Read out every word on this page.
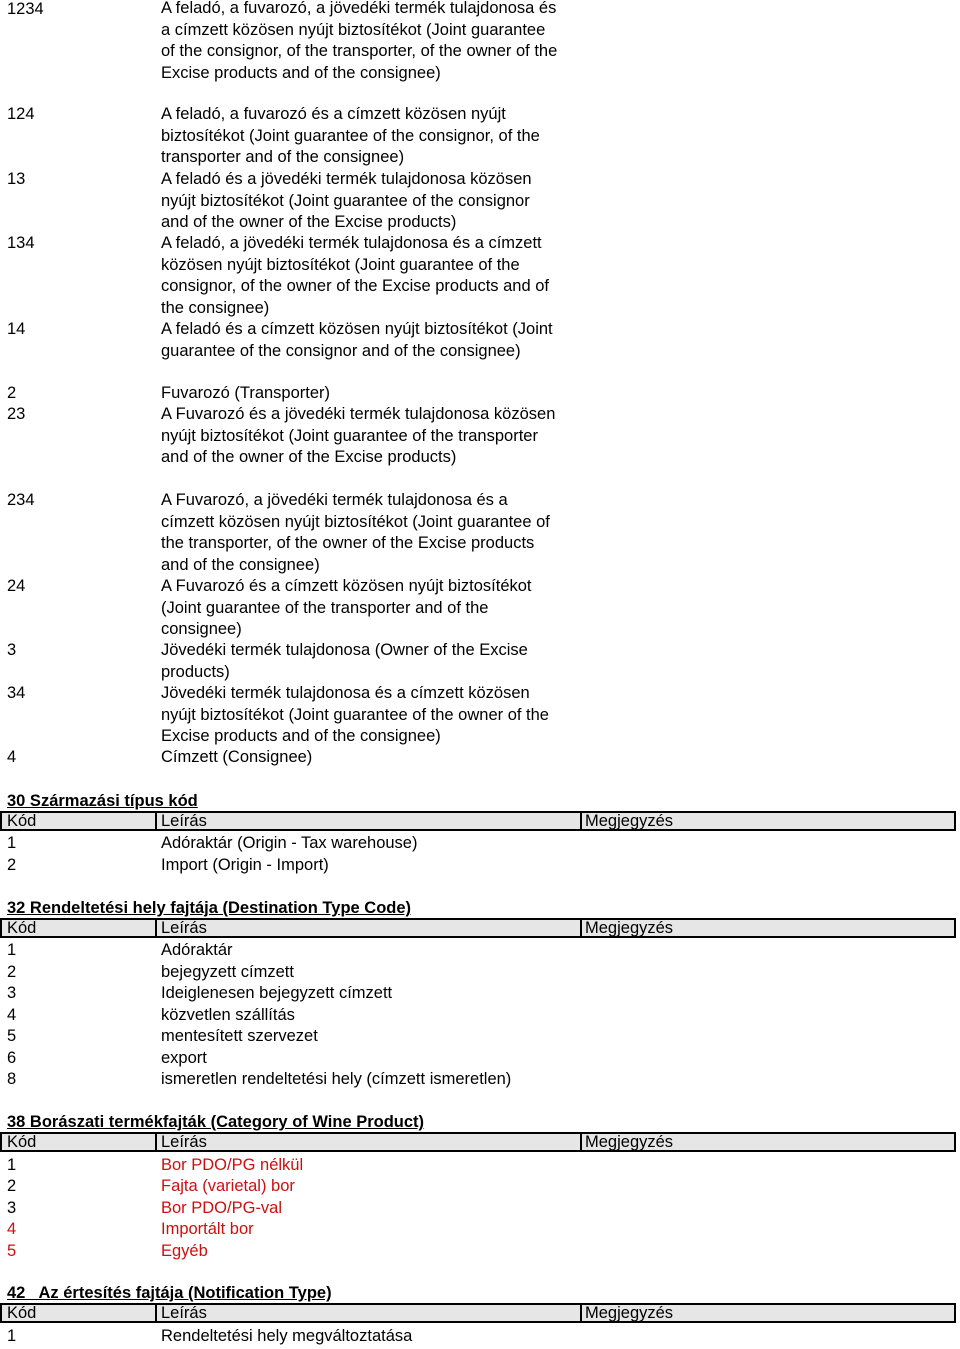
1234	A feladó, a fuvarozó, a jövedéki termék tulajdonosa és
a címzett közösen nyújt biztosítékot (Joint guarantee
of the consignor, of the transporter, of the owner of the
Excise products and of the consignee)
124	A feladó, a fuvarozó és a címzett közösen nyújt
biztosítékot (Joint guarantee of the consignor, of the
transporter and of the consignee)
13	A feladó és a jövedéki termék tulajdonosa közösen
nyújt biztosítékot (Joint guarantee of the consignor
and of the owner of the Excise products)
134	A feladó, a jövedéki termék tulajdonosa és a címzett
közösen nyújt biztosítékot (Joint guarantee of the
consignor, of the owner of the Excise products and of
the consignee)
14	A feladó és a címzett közösen nyújt biztosítékot (Joint
guarantee of the consignor and of the consignee)
2	Fuvarozó (Transporter)
23	A Fuvarozó és a jövedéki termék tulajdonosa közösen
nyújt biztosítékot (Joint guarantee of the transporter
and of the owner of the Excise products)
234	A Fuvarozó, a jövedéki termék tulajdonosa és a
címzett közösen nyújt biztosítékot (Joint guarantee of
the transporter, of the owner of the Excise products
and of the consignee)
24	A Fuvarozó és a címzett közösen nyújt biztosítékot
(Joint guarantee of the transporter and of the
consignee)
3	Jövedéki termék tulajdonosa (Owner of the Excise
products)
34	Jövedéki termék tulajdonosa és a címzett közösen
nyújt biztosítékot (Joint guarantee of the owner of the
Excise products and of the consignee)
4	Címzett (Consignee)
30 Származási típus kód
Kód	Leírás	Megjegyzés
1	Adóraktár (Origin - Tax warehouse)
2	Import (Origin - Import)
32 Rendeltetési hely fajtája (Destination Type Code)
Kód	Leírás	Megjegyzés
1	Adóraktár
2	bejegyzett címzett
3	Ideiglenesen bejegyzett címzett
4	közvetlen szállítás
5	mentesített szervezet
6	export
8	ismeretlen rendeltetési hely (címzett ismeretlen)
38 Borászati termékfajták (Category of Wine Product)
Kód	Leírás	Megjegyzés
1	Bor PDO/PG nélkül
2	Fajta (varietal) bor
3	Bor PDO/PG-val
4	Importált bor
5	Egyéb
42   Az értesítés fajtája (Notification Type)
Kód	Leírás	Megjegyzés
1	Rendeltetési hely megváltoztatása
